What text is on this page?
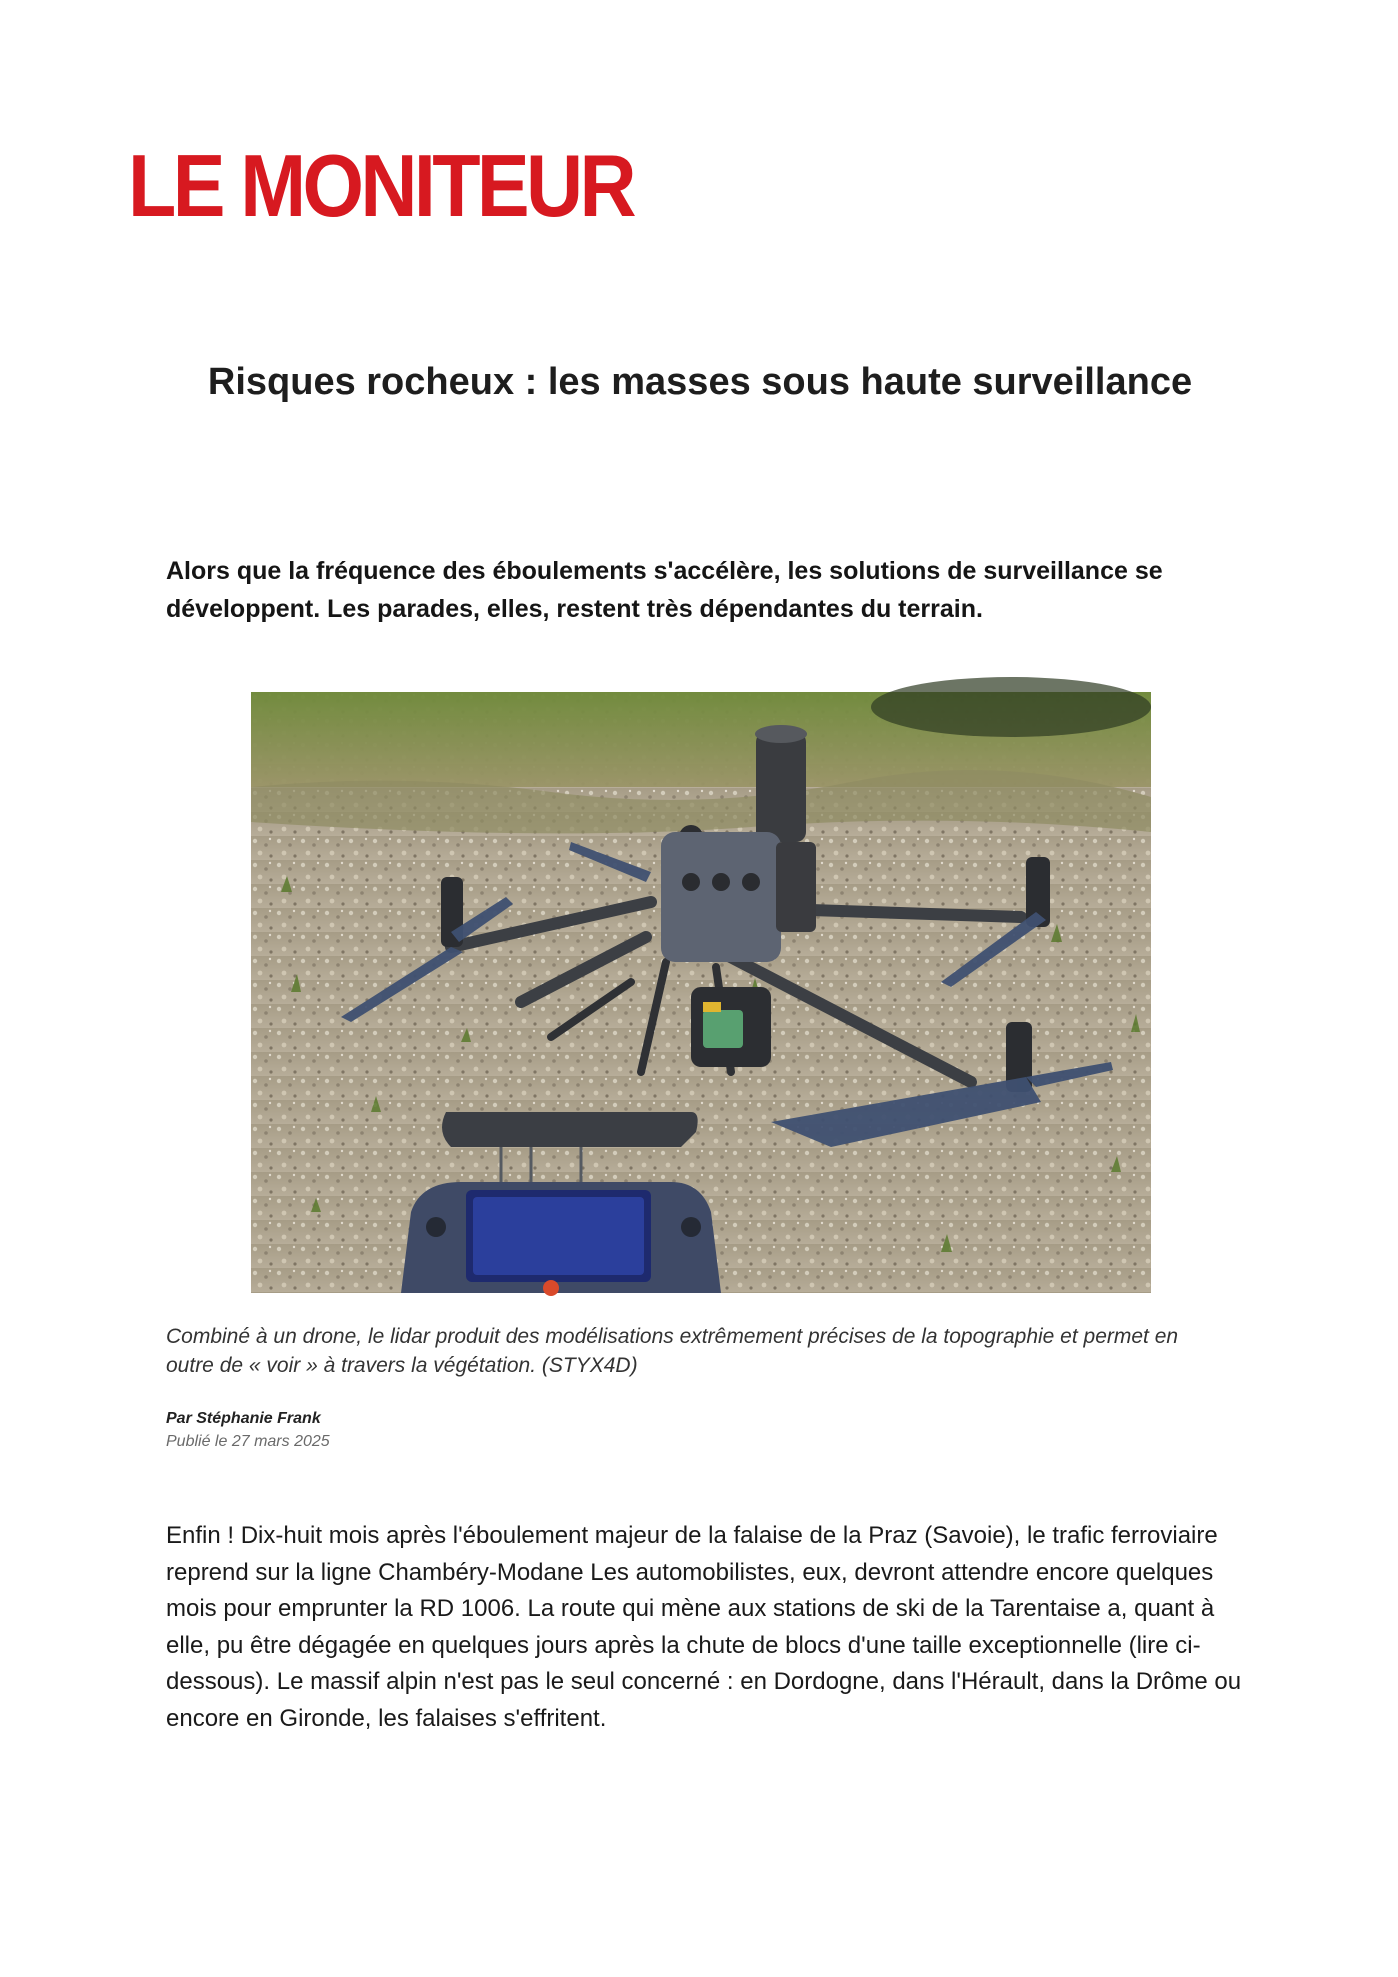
LE MONITEUR
Risques rocheux : les masses sous haute surveillance

Alors que la fréquence des éboulements s'accélère, les solutions de surveillance se développent. Les parades, elles, restent très dépendantes du terrain.

Combiné à un drone, le lidar produit des modélisations extrêmement précises de la topographie et permet en outre de « voir » à travers la végétation. (STYX4D)

Par Stéphanie Frank
Publié le 27 mars 2025

Enfin ! Dix-huit mois après l'éboulement majeur de la falaise de la Praz (Savoie), le trafic ferroviaire reprend sur la ligne Chambéry-Modane Les automobilistes, eux, devront attendre encore quelques mois pour emprunter la RD 1006. La route qui mène aux stations de ski de la Tarentaise a, quant à elle, pu être dégagée en quelques jours après la chute de blocs d'une taille exceptionnelle (lire ci-dessous). Le massif alpin n'est pas le seul concerné : en Dordogne, dans l'Hérault, dans la Drôme ou encore en Gironde, les falaises s'effritent.
